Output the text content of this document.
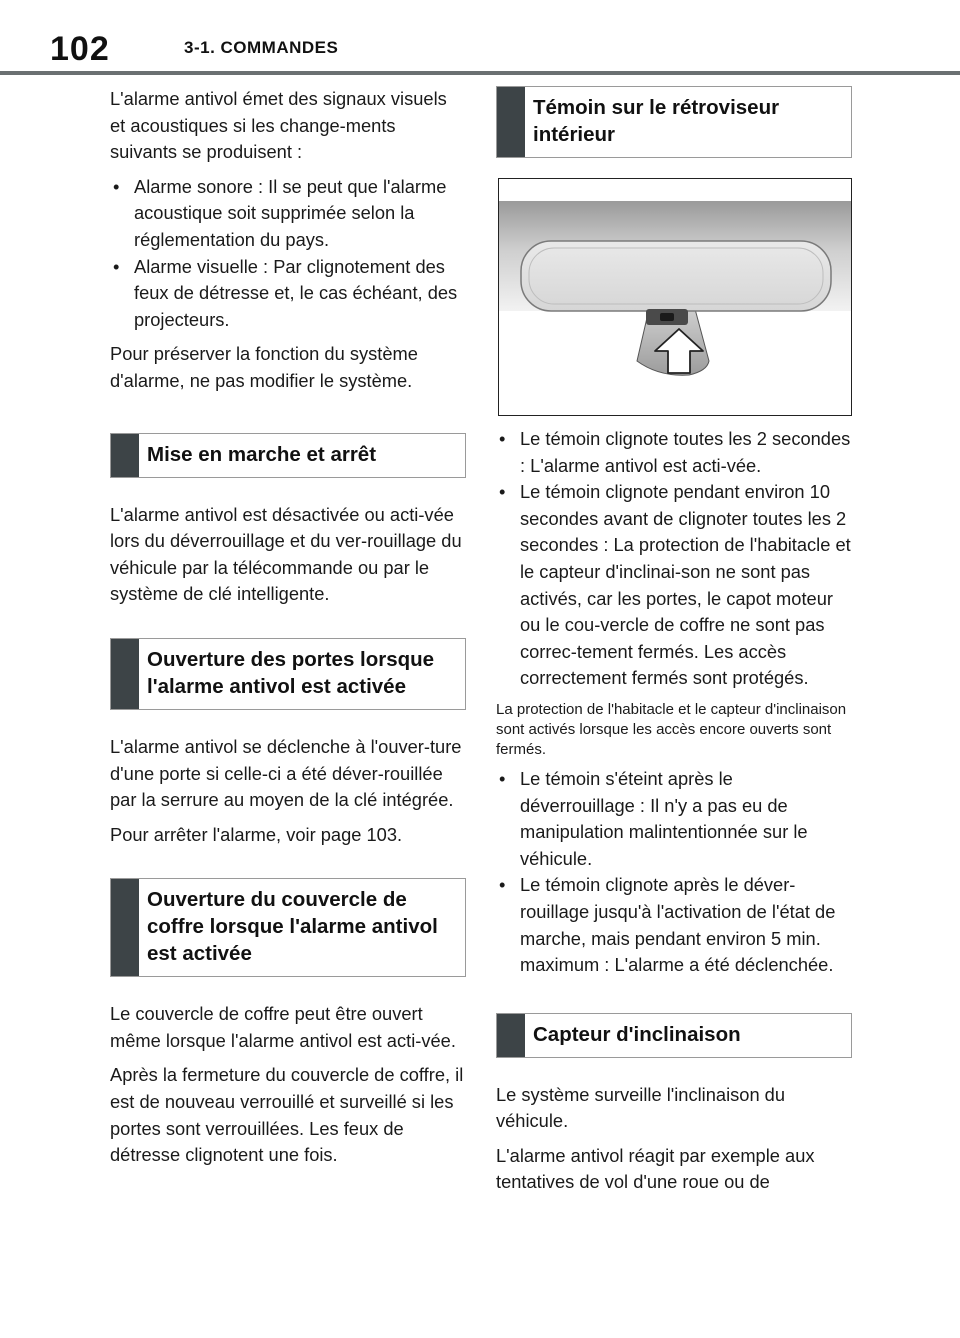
102	3-1. COMMANDES

L'alarme antivol émet des signaux visuels et acoustiques si les change-ments suivants se produisent :

• Alarme sonore : Il se peut que l'alarme acoustique soit supprimée selon la réglementation du pays.
• Alarme visuelle : Par clignotement des feux de détresse et, le cas échéant, des projecteurs.

Pour préserver la fonction du système d'alarme, ne pas modifier le système.

Mise en marche et arrêt

L'alarme antivol est désactivée ou acti-vée lors du déverrouillage et du ver-rouillage du véhicule par la télécommande ou par le système de clé intelligente.

Ouverture des portes lorsque l'alarme antivol est activée

L'alarme antivol se déclenche à l'ouver-ture d'une porte si celle-ci a été déver-rouillée par la serrure au moyen de la clé intégrée.

Pour arrêter l'alarme, voir page 103.

Ouverture du couvercle de coffre lorsque l'alarme antivol est activée

Le couvercle de coffre peut être ouvert même lorsque l'alarme antivol est acti-vée.

Après la fermeture du couvercle de coffre, il est de nouveau verrouillé et surveillé si les portes sont verrouillées. Les feux de détresse clignotent une fois.

Témoin sur le rétroviseur intérieur
• Le témoin clignote toutes les 2 secondes : L'alarme antivol est acti-vée.
• Le témoin clignote pendant environ 10 secondes avant de clignoter toutes les 2 secondes : La protection de l'habitacle et le capteur d'inclinai-son ne sont pas activés, car les portes, le capot moteur ou le cou-vercle de coffre ne sont pas correc-tement fermés. Les accès correctement fermés sont protégés.

La protection de l'habitacle et le capteur d'inclinaison sont activés lorsque les accès encore ouverts sont fermés.

• Le témoin s'éteint après le déverrouillage : Il n'y a pas eu de manipulation malintentionnée sur le véhicule.
• Le témoin clignote après le déver-rouillage jusqu'à l'activation de l'état de marche, mais pendant environ 5 min. maximum : L'alarme a été déclenchée.
Capteur d'inclinaison

Le système surveille l'inclinaison du véhicule.

L'alarme antivol réagit par exemple aux tentatives de vol d'une roue ou de
